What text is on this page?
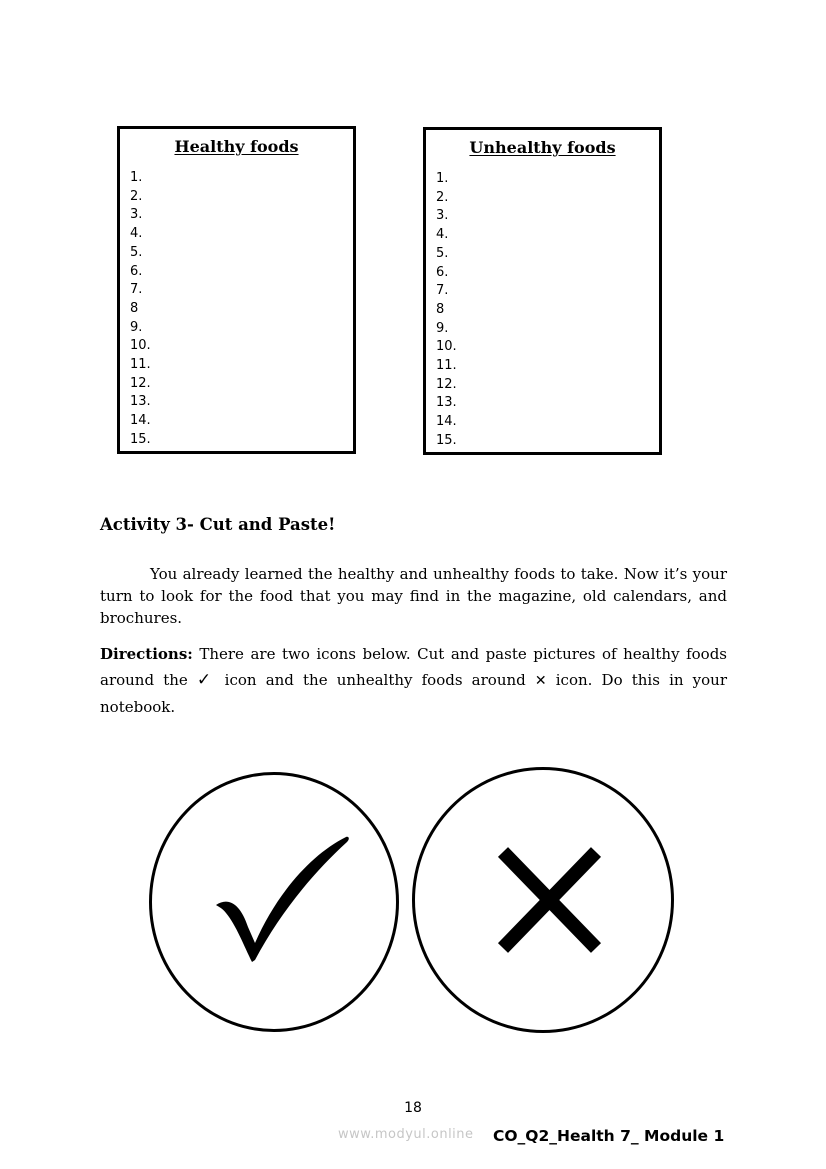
Healthy foods
1.
2.
3.
4.
5.
6.
7.
8
9.
10.
11.
12.
13.
14.
15.
Unhealthy foods
1.
2.
3.
4.
5.
6.
7.
8
9.
10.
11.
12.
13.
14.
15.
Activity 3- Cut and Paste!

You already learned the healthy and unhealthy foods to take. Now it’s your turn to look for the food that you may find in the magazine, old calendars, and brochures.

Directions: There are two icons below. Cut and paste pictures of healthy foods around the ✓ icon and the unhealthy foods around ✕ icon. Do this in your notebook.

18
www.modyul.online CO_Q2_Health 7_ Module 1
